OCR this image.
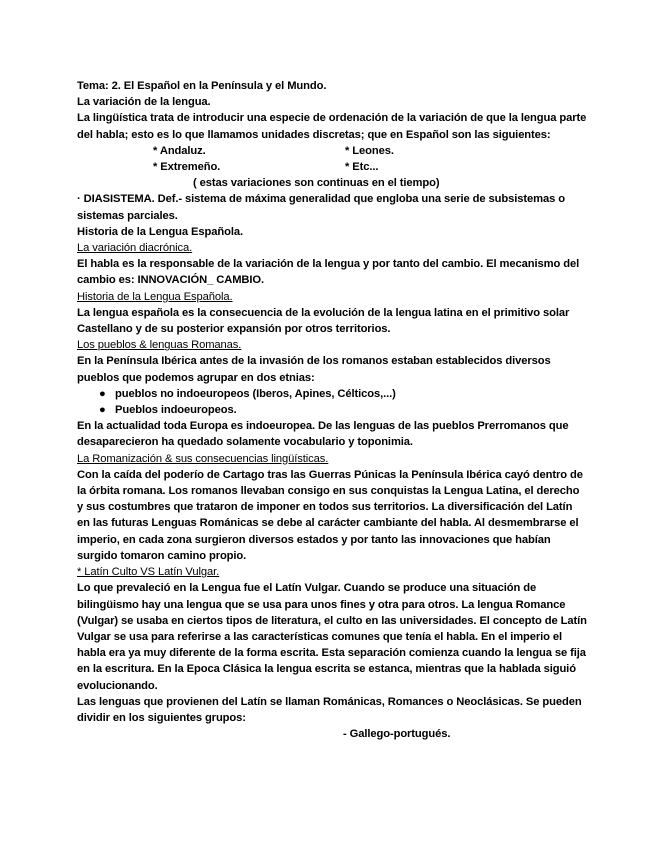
Tema: 2. El Español en la Península y el Mundo.
La variación de la lengua.
La lingüística trata de introducir una especie de ordenación de la variación de que la lengua parte del habla; esto es lo que llamamos unidades discretas; que en Español son las siguientes:
* Andaluz.	* Leones.
* Extremeño.	* Etc...
( estas variaciones son continuas en el tiempo)
· DIASISTEMA. Def.- sistema de máxima generalidad que engloba una serie de subsistemas o sistemas parciales.
Historia de la Lengua Española.
La variación diacrónica.
El habla es la responsable de la variación de la lengua y por tanto del cambio. El mecanismo del cambio es: INNOVACIÓN_ CAMBIO.
Historia de la Lengua Española.
La lengua española es la consecuencia de la evolución de la lengua latina en el primitivo solar Castellano y de su posterior expansión por otros territorios.
Los pueblos & lenguas Romanas.
En la Península Ibérica antes de la invasión de los romanos estaban establecidos diversos pueblos que podemos agrupar en dos etnias:
● pueblos no indoeuropeos (Iberos, Apines, Célticos,...)
● Pueblos indoeuropeos.
En la actualidad toda Europa es indoeuropea. De las lenguas de las pueblos Prerromanos que desaparecieron ha quedado solamente vocabulario y toponimia.
La Romanización & sus consecuencias lingüísticas.
Con la caída del poderío de Cartago tras las Guerras Púnicas la Península Ibérica cayó dentro de la órbita romana. Los romanos llevaban consigo en sus conquistas la Lengua Latina, el derecho y sus costumbres que trataron de imponer en todos sus territorios. La diversificación del Latín en las futuras Lenguas Románicas se debe al carácter cambiante del habla. Al desmembrarse el imperio, en cada zona surgieron diversos estados y por tanto las innovaciones que habían surgido tomaron camino propio.
* Latín Culto VS Latín Vulgar.
Lo que prevaleció en la Lengua fue el Latín Vulgar. Cuando se produce una situación de bilingüismo hay una lengua que se usa para unos fines y otra para otros. La lengua Romance (Vulgar) se usaba en ciertos tipos de literatura, el culto en las universidades. El concepto de Latín Vulgar se usa para referirse a las características comunes que tenía el habla. En el imperio el habla era ya muy diferente de la forma escrita. Esta separación comienza cuando la lengua se fija en la escritura. En la Epoca Clásica la lengua escrita se estanca, mientras que la hablada siguió evolucionando.
Las lenguas que provienen del Latín se llaman Románicas, Romances o Neoclásicas. Se pueden dividir en los siguientes grupos:
- Gallego-portugués.
